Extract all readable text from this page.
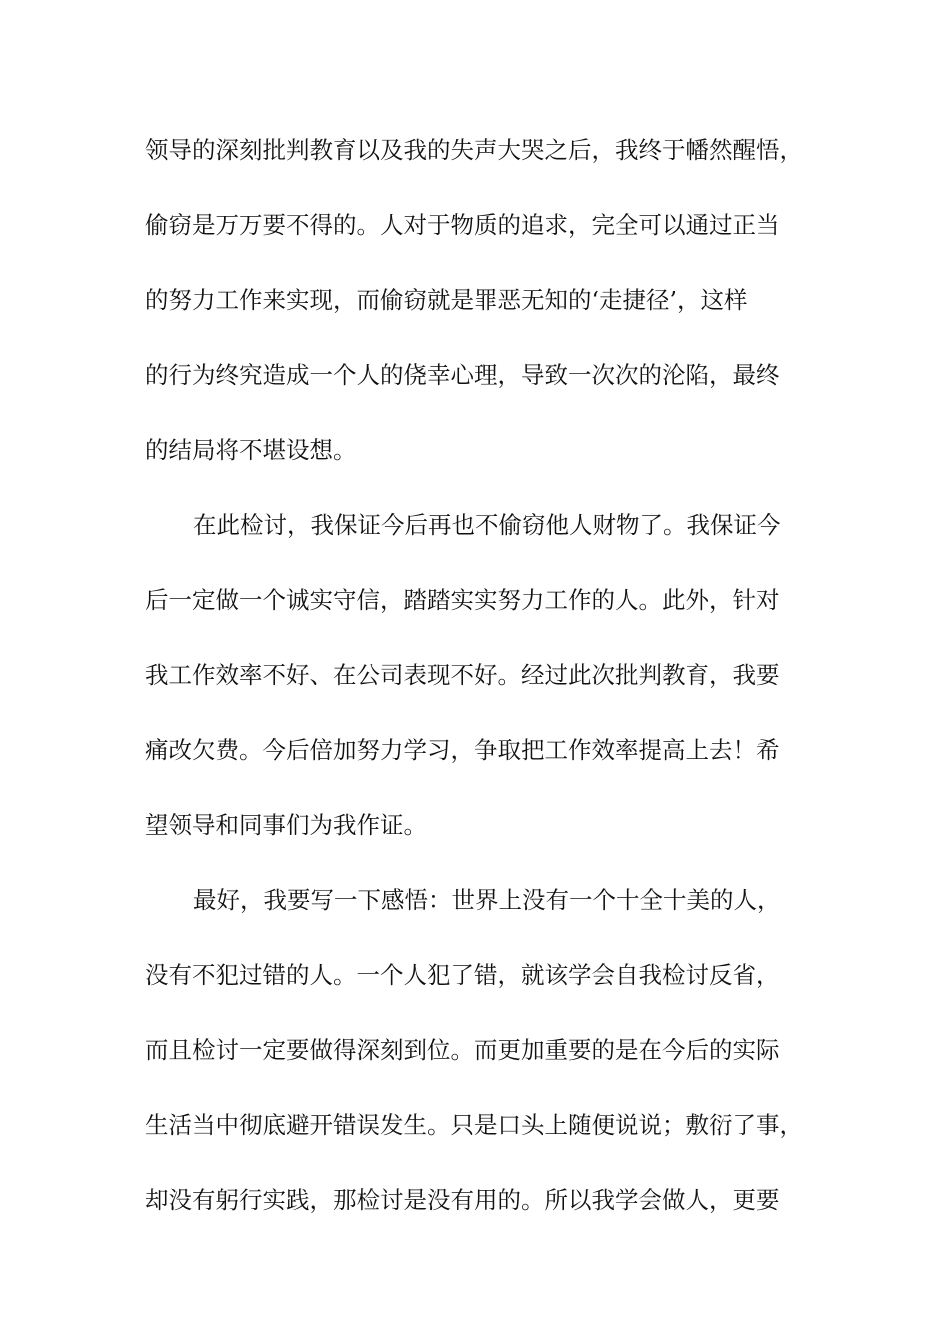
领导的深刻批判教育以及我的失声大哭之后，我终于幡然醒悟，
偷窃是万万要不得的。人对于物质的追求，完全可以通过正当
的努力工作来实现，而偷窃就是罪恶无知的‘走捷径’，这样
的行为终究造成一个人的侥幸心理，导致一次次的沦陷，最终
的结局将不堪设想。
在此检讨，我保证今后再也不偷窃他人财物了。我保证今
后一定做一个诚实守信，踏踏实实努力工作的人。此外，针对
我工作效率不好、在公司表现不好。经过此次批判教育，我要
痛改欠费。今后倍加努力学习，争取把工作效率提高上去！希
望领导和同事们为我作证。
最好，我要写一下感悟：世界上没有一个十全十美的人，
没有不犯过错的人。一个人犯了错，就该学会自我检讨反省，
而且检讨一定要做得深刻到位。而更加重要的是在今后的实际
生活当中彻底避开错误发生。只是口头上随便说说；敷衍了事，
却没有躬行实践，那检讨是没有用的。所以我学会做人，更要
